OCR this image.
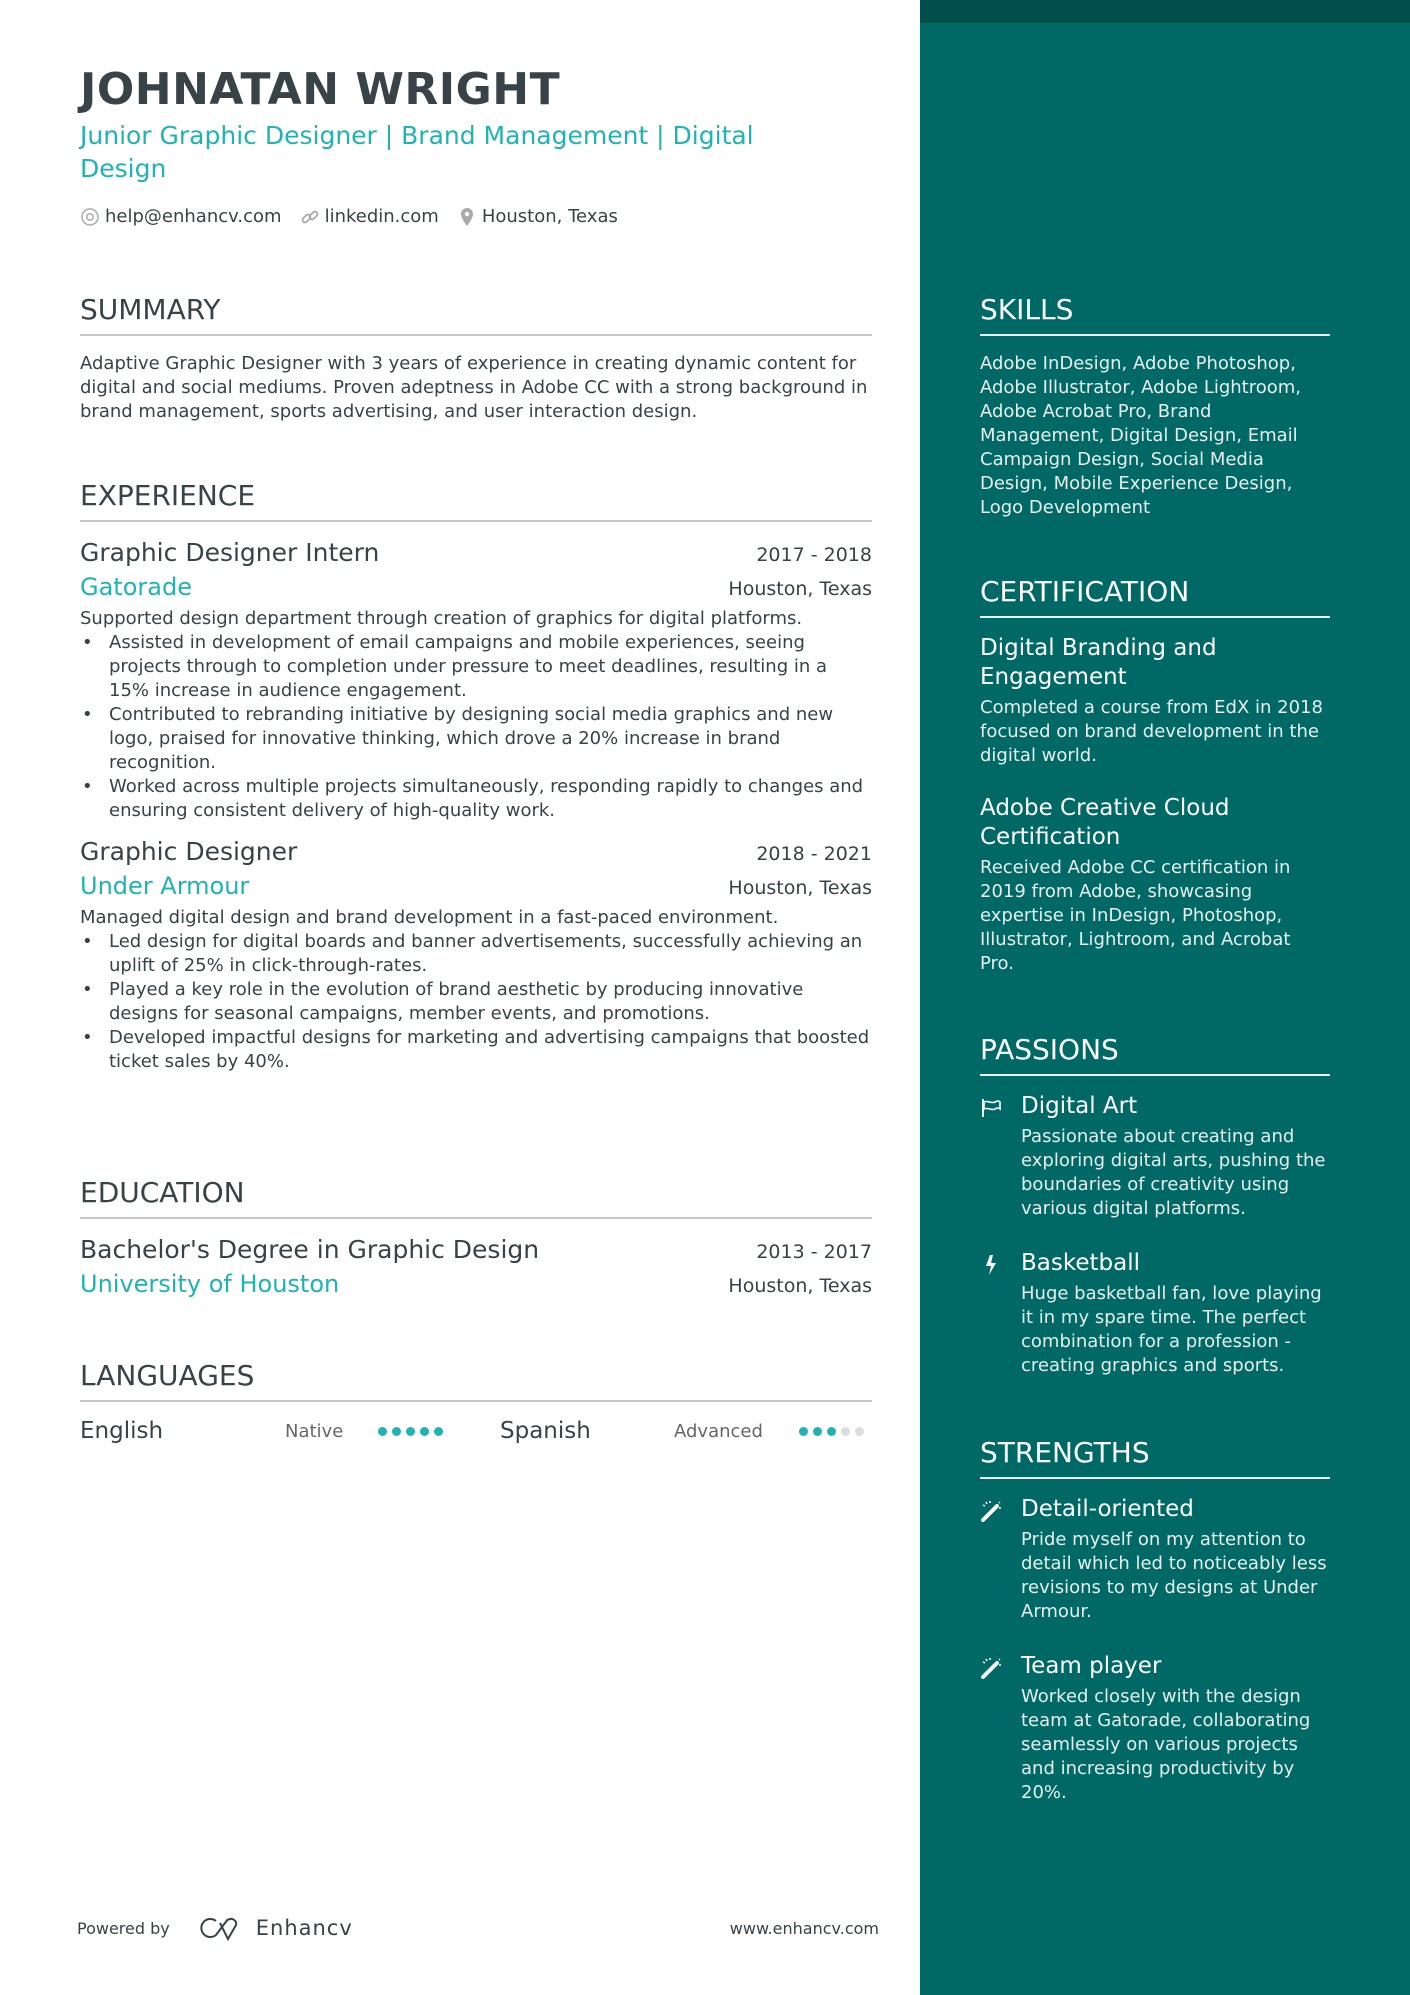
JOHNATAN WRIGHT
Junior Graphic Designer | Brand Management | Digital Design
help@enhancv.com linkedin.com Houston, Texas
SUMMARY
Adaptive Graphic Designer with 3 years of experience in creating dynamic content for digital and social mediums. Proven adeptness in Adobe CC with a strong background in brand management, sports advertising, and user interaction design.
EXPERIENCE
Graphic Designer Intern	2017 - 2018
Gatorade	Houston, Texas
Supported design department through creation of graphics for digital platforms.
• Assisted in development of email campaigns and mobile experiences, seeing projects through to completion under pressure to meet deadlines, resulting in a 15% increase in audience engagement.
• Contributed to rebranding initiative by designing social media graphics and new logo, praised for innovative thinking, which drove a 20% increase in brand recognition.
• Worked across multiple projects simultaneously, responding rapidly to changes and ensuring consistent delivery of high-quality work.
Graphic Designer	2018 - 2021
Under Armour	Houston, Texas
Managed digital design and brand development in a fast-paced environment.
• Led design for digital boards and banner advertisements, successfully achieving an uplift of 25% in click-through-rates.
• Played a key role in the evolution of brand aesthetic by producing innovative designs for seasonal campaigns, member events, and promotions.
• Developed impactful designs for marketing and advertising campaigns that boosted ticket sales by 40%.
EDUCATION
Bachelor's Degree in Graphic Design	2013 - 2017
University of Houston	Houston, Texas
LANGUAGES
English	Native	Spanish	Advanced
SKILLS
Adobe InDesign, Adobe Photoshop, Adobe Illustrator, Adobe Lightroom, Adobe Acrobat Pro, Brand Management, Digital Design, Email Campaign Design, Social Media Design, Mobile Experience Design, Logo Development
CERTIFICATION
Digital Branding and Engagement
Completed a course from EdX in 2018 focused on brand development in the digital world.
Adobe Creative Cloud Certification
Received Adobe CC certification in 2019 from Adobe, showcasing expertise in InDesign, Photoshop, Illustrator, Lightroom, and Acrobat Pro.
PASSIONS
Digital Art
Passionate about creating and exploring digital arts, pushing the boundaries of creativity using various digital platforms.
Basketball
Huge basketball fan, love playing it in my spare time. The perfect combination for a profession - creating graphics and sports.
STRENGTHS
Detail-oriented
Pride myself on my attention to detail which led to noticeably less revisions to my designs at Under Armour.
Team player
Worked closely with the design team at Gatorade, collaborating seamlessly on various projects and increasing productivity by 20%.
Powered by	Enhancv	www.enhancv.com
